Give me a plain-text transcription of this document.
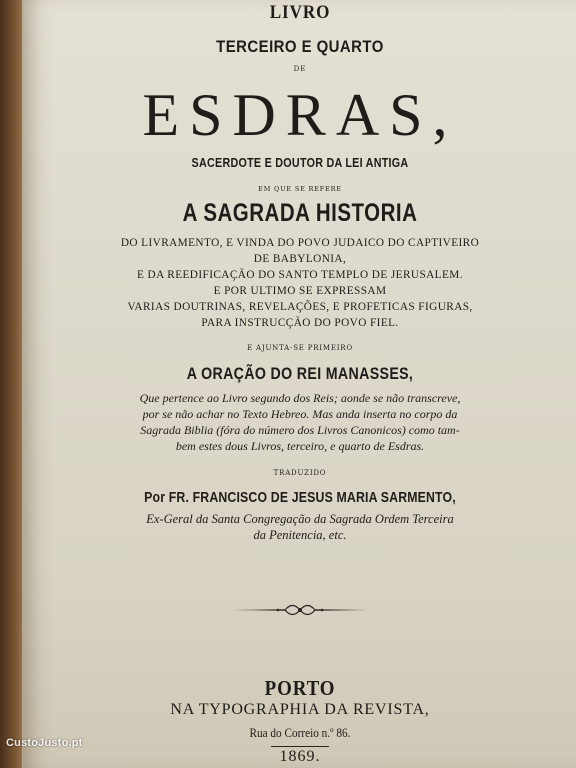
LIVRO
TERCEIRO E QUARTO
DE
ESDRAS,
SACERDOTE E DOUTOR DA LEI ANTIGA
EM QUE SE REFERE
A SAGRADA HISTORIA
DO LIVRAMENTO, E VINDA DO POVO JUDAICO DO CAPTIVEIRO
DE BABYLONIA,
E DA REEDIFICAÇÃO DO SANTO TEMPLO DE JERUSALEM.
E POR ULTIMO SE EXPRESSAM
VARIAS DOUTRINAS, REVELAÇÕES, E PROFETICAS FIGURAS,
PARA INSTRUCÇÃO DO POVO FIEL.
E AJUNTA-SE PRIMEIRO
A ORAÇÃO DO REI MANASSES,
Que pertence ao Livro segundo dos Reis; aonde se não transcreve,
por se não achar no Texto Hebreo. Mas anda inserta no corpo da
Sagrada Biblia (fóra do número dos Livros Canonicos) como tam-
bem estes dous Livros, terceiro, e quarto de Esdras.
TRADUZIDO
Por FR. FRANCISCO DE JESUS MARIA SARMENTO,
Ex-Geral da Santa Congregação da Sagrada Ordem Terceira
da Penitencia, etc.
PORTO
NA TYPOGRAPHIA DA REVISTA,
Rua do Correio n.º 86.
1869.
CustoJusto.pt
